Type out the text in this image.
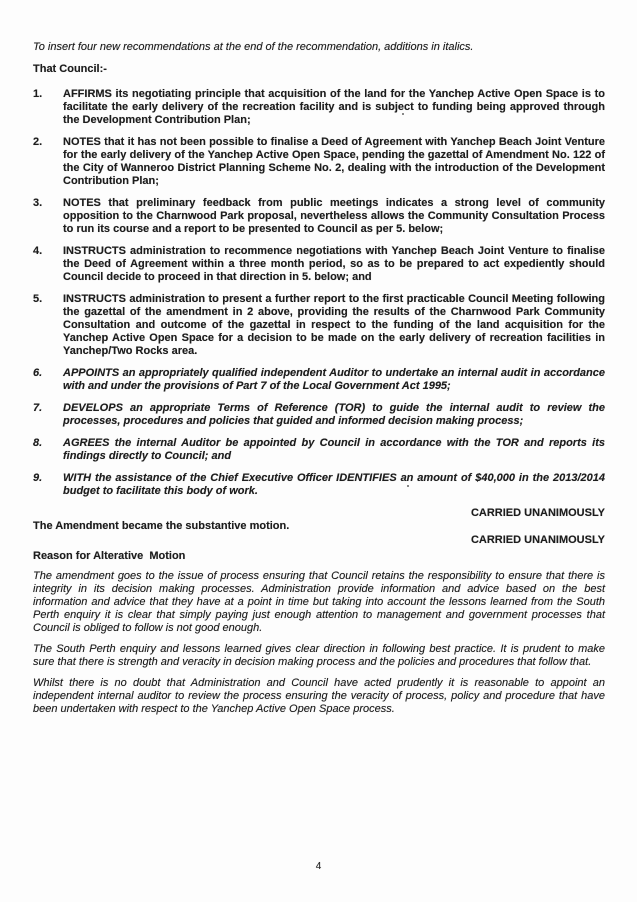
To insert four new recommendations at the end of the recommendation, additions in italics.

That Council:-

1.	AFFIRMS its negotiating principle that acquisition of the land for the Yanchep Active Open Space is to facilitate the early delivery of the recreation facility and is subject to funding being approved through the Development Contribution Plan;
2.	NOTES that it has not been possible to finalise a Deed of Agreement with Yanchep Beach Joint Venture for the early delivery of the Yanchep Active Open Space, pending the gazettal of Amendment No. 122 of the City of Wanneroo District Planning Scheme No. 2, dealing with the introduction of the Development Contribution Plan;
3.	NOTES that preliminary feedback from public meetings indicates a strong level of community opposition to the Charnwood Park proposal, nevertheless allows the Community Consultation Process to run its course and a report to be presented to Council as per 5. below;
4.	INSTRUCTS administration to recommence negotiations with Yanchep Beach Joint Venture to finalise the Deed of Agreement within a three month period, so as to be prepared to act expediently should Council decide to proceed in that direction in 5. below; and
5.	INSTRUCTS administration to present a further report to the first practicable Council Meeting following the gazettal of the amendment in 2 above, providing the results of the Charnwood Park Community Consultation and outcome of the gazettal in respect to the funding of the land acquisition for the Yanchep Active Open Space for a decision to be made on the early delivery of recreation facilities in Yanchep/Two Rocks area.
6.	APPOINTS an appropriately qualified independent Auditor to undertake an internal audit in accordance with and under the provisions of Part 7 of the Local Government Act 1995;
7.	DEVELOPS an appropriate Terms of Reference (TOR) to guide the internal audit to review the processes, procedures and policies that guided and informed decision making process;
8.	AGREES the internal Auditor be appointed by Council in accordance with the TOR and reports its findings directly to Council; and
9.	WITH the assistance of the Chief Executive Officer IDENTIFIES an amount of $40,000 in the 2013/2014 budget to facilitate this body of work.

CARRIED UNANIMOUSLY

The Amendment became the substantive motion.

CARRIED UNANIMOUSLY

Reason for Alterative  Motion

The amendment goes to the issue of process ensuring that Council retains the responsibility to ensure that there is integrity in its decision making processes. Administration provide information and advice based on the best information and advice that they have at a point in time but taking into account the lessons learned from the South Perth enquiry it is clear that simply paying just enough attention to management and government processes that Council is obliged to follow is not good enough.

The South Perth enquiry and lessons learned gives clear direction in following best practice. It is prudent to make sure that there is strength and veracity in decision making process and the policies and procedures that follow that.

Whilst there is no doubt that Administration and Council have acted prudently it is reasonable to appoint an independent internal auditor to review the process ensuring the veracity of process, policy and procedure that have been undertaken with respect to the Yanchep Active Open Space process.

4
